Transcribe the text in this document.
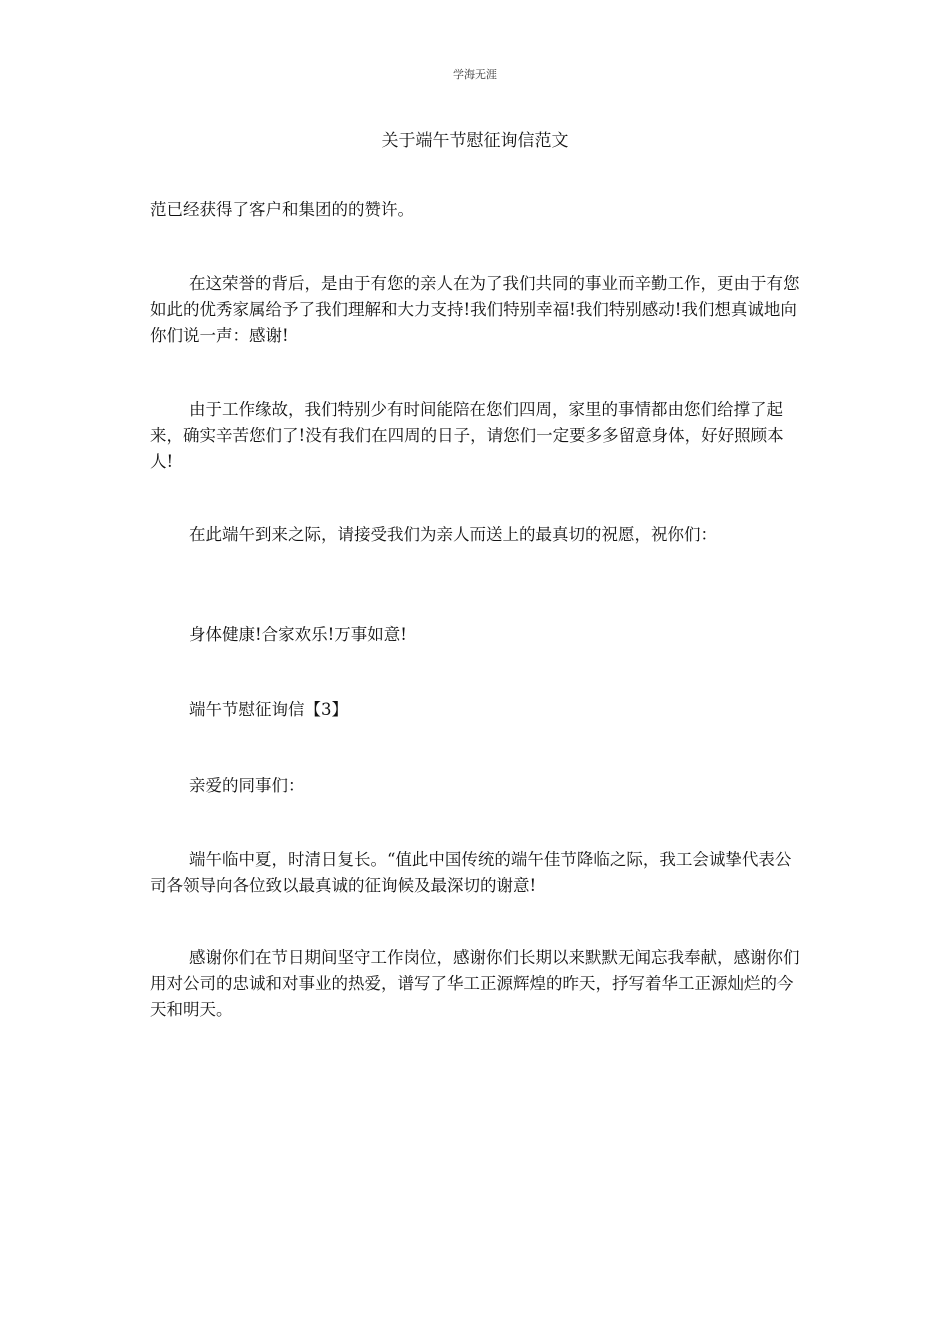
学海无涯
关于端午节慰征询信范文

范已经获得了客户和集团的的赞许。

在这荣誉的背后，是由于有您的亲人在为了我们共同的事业而辛勤工作，更由于有您如此的优秀家属给予了我们理解和大力支持!我们特别幸福!我们特别感动!我们想真诚地向你们说一声：感谢!

由于工作缘故，我们特别少有时间能陪在您们四周，家里的事情都由您们给撑了起来，确实辛苦您们了!没有我们在四周的日子，请您们一定要多多留意身体，好好照顾本人!

在此端午到来之际，请接受我们为亲人而送上的最真切的祝愿，祝你们：

身体健康!合家欢乐!万事如意!

端午节慰征询信【3】

亲爱的同事们：

端午临中夏，时清日复长。“值此中国传统的端午佳节降临之际，我工会诚挚代表公司各领导向各位致以最真诚的征询候及最深切的谢意!

感谢你们在节日期间坚守工作岗位，感谢你们长期以来默默无闻忘我奉献，感谢你们用对公司的忠诚和对事业的热爱，谱写了华工正源辉煌的昨天，抒写着华工正源灿烂的今天和明天。
